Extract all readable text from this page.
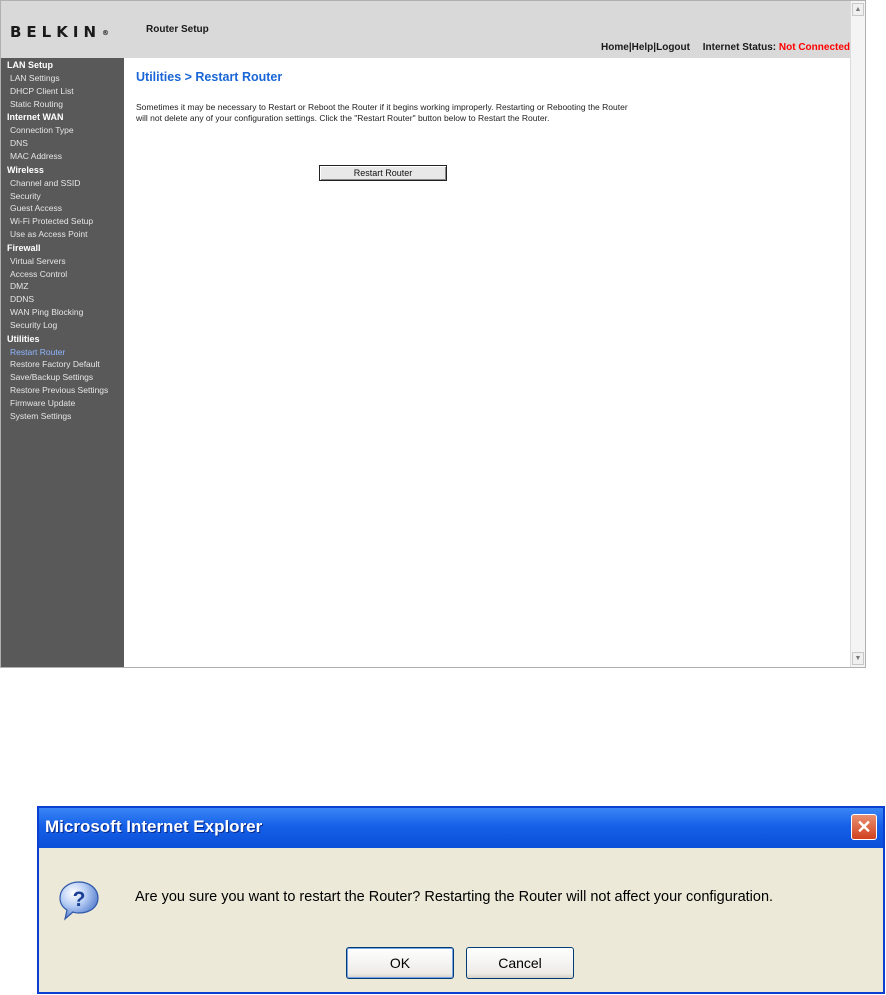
BELKIN®	Router Setup
Home|Help|Logout Internet Status: Not Connected
LAN Setup
LAN Settings
DHCP Client List
Static Routing
Internet WAN
Connection Type
DNS
MAC Address
Wireless
Channel and SSID
Security
Guest Access
Wi-Fi Protected Setup
Use as Access Point
Firewall
Virtual Servers
Access Control
DMZ
DDNS
WAN Ping Blocking
Security Log
Utilities
Restart Router
Restore Factory Default
Save/Backup Settings
Restore Previous Settings
Firmware Update
System Settings
Utilities > Restart Router
Sometimes it may be necessary to Restart or Reboot the Router if it begins working improperly. Restarting or Rebooting the Router will not delete any of your configuration settings. Click the "Restart Router" button below to Restart the Router.
Restart Router
▲
▼
Microsoft Internet Explorer	✕
?	Are you sure you want to restart the Router? Restarting the Router will not affect your configuration.
OK	Cancel
